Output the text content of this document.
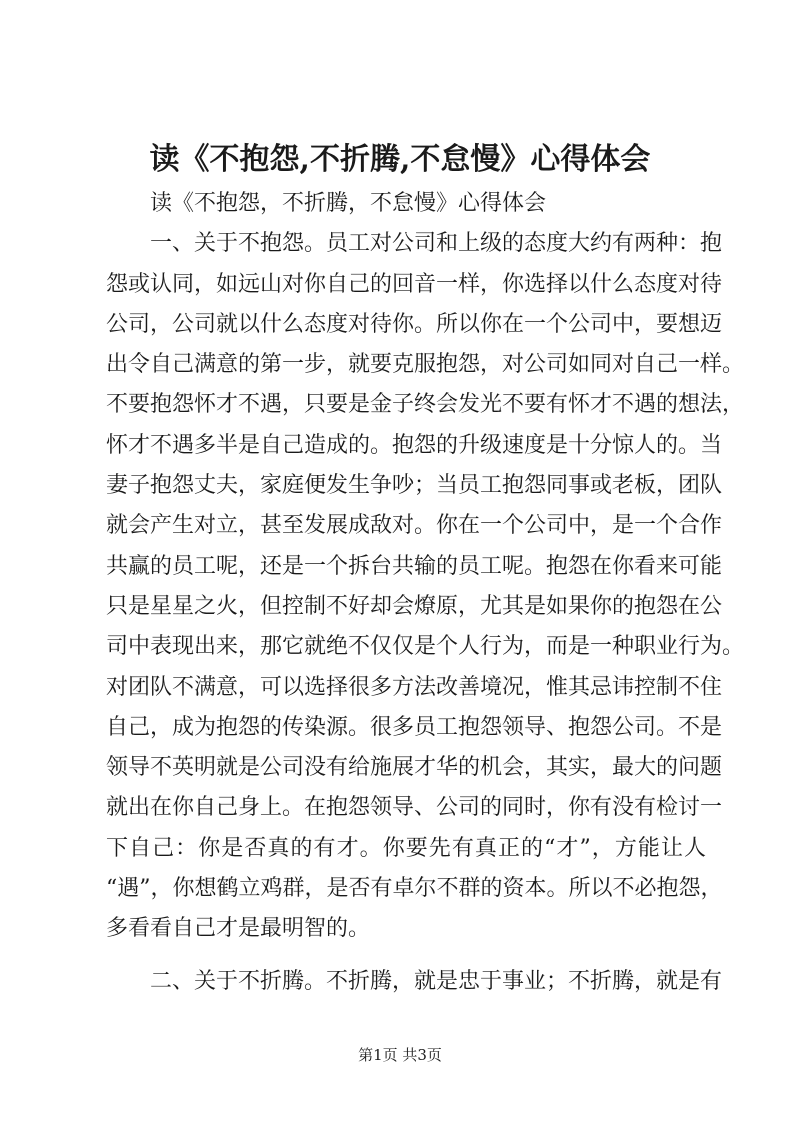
读《不抱怨,不折腾,不怠慢》心得体会
读《不抱怨，不折腾，不怠慢》心得体会
一、关于不抱怨。员工对公司和上级的态度大约有两种：抱
怨或认同，如远山对你自己的回音一样，你选择以什么态度对待
公司，公司就以什么态度对待你。所以你在一个公司中，要想迈
出令自己满意的第一步，就要克服抱怨，对公司如同对自己一样。
不要抱怨怀才不遇，只要是金子终会发光不要有怀才不遇的想法，
怀才不遇多半是自己造成的。抱怨的升级速度是十分惊人的。当
妻子抱怨丈夫，家庭便发生争吵；当员工抱怨同事或老板，团队
就会产生对立，甚至发展成敌对。你在一个公司中，是一个合作
共赢的员工呢，还是一个拆台共输的员工呢。抱怨在你看来可能
只是星星之火，但控制不好却会燎原，尤其是如果你的抱怨在公
司中表现出来，那它就绝不仅仅是个人行为，而是一种职业行为。
对团队不满意，可以选择很多方法改善境况，惟其忌讳控制不住
自己，成为抱怨的传染源。很多员工抱怨领导、抱怨公司。不是
领导不英明就是公司没有给施展才华的机会，其实，最大的问题
就出在你自己身上。在抱怨领导、公司的同时，你有没有检讨一
下自己：你是否真的有才。你要先有真正的“才”，方能让人
“遇”，你想鹤立鸡群，是否有卓尔不群的资本。所以不必抱怨，
多看看自己才是最明智的。
二、关于不折腾。不折腾，就是忠于事业；不折腾，就是有
第1页 共3页
